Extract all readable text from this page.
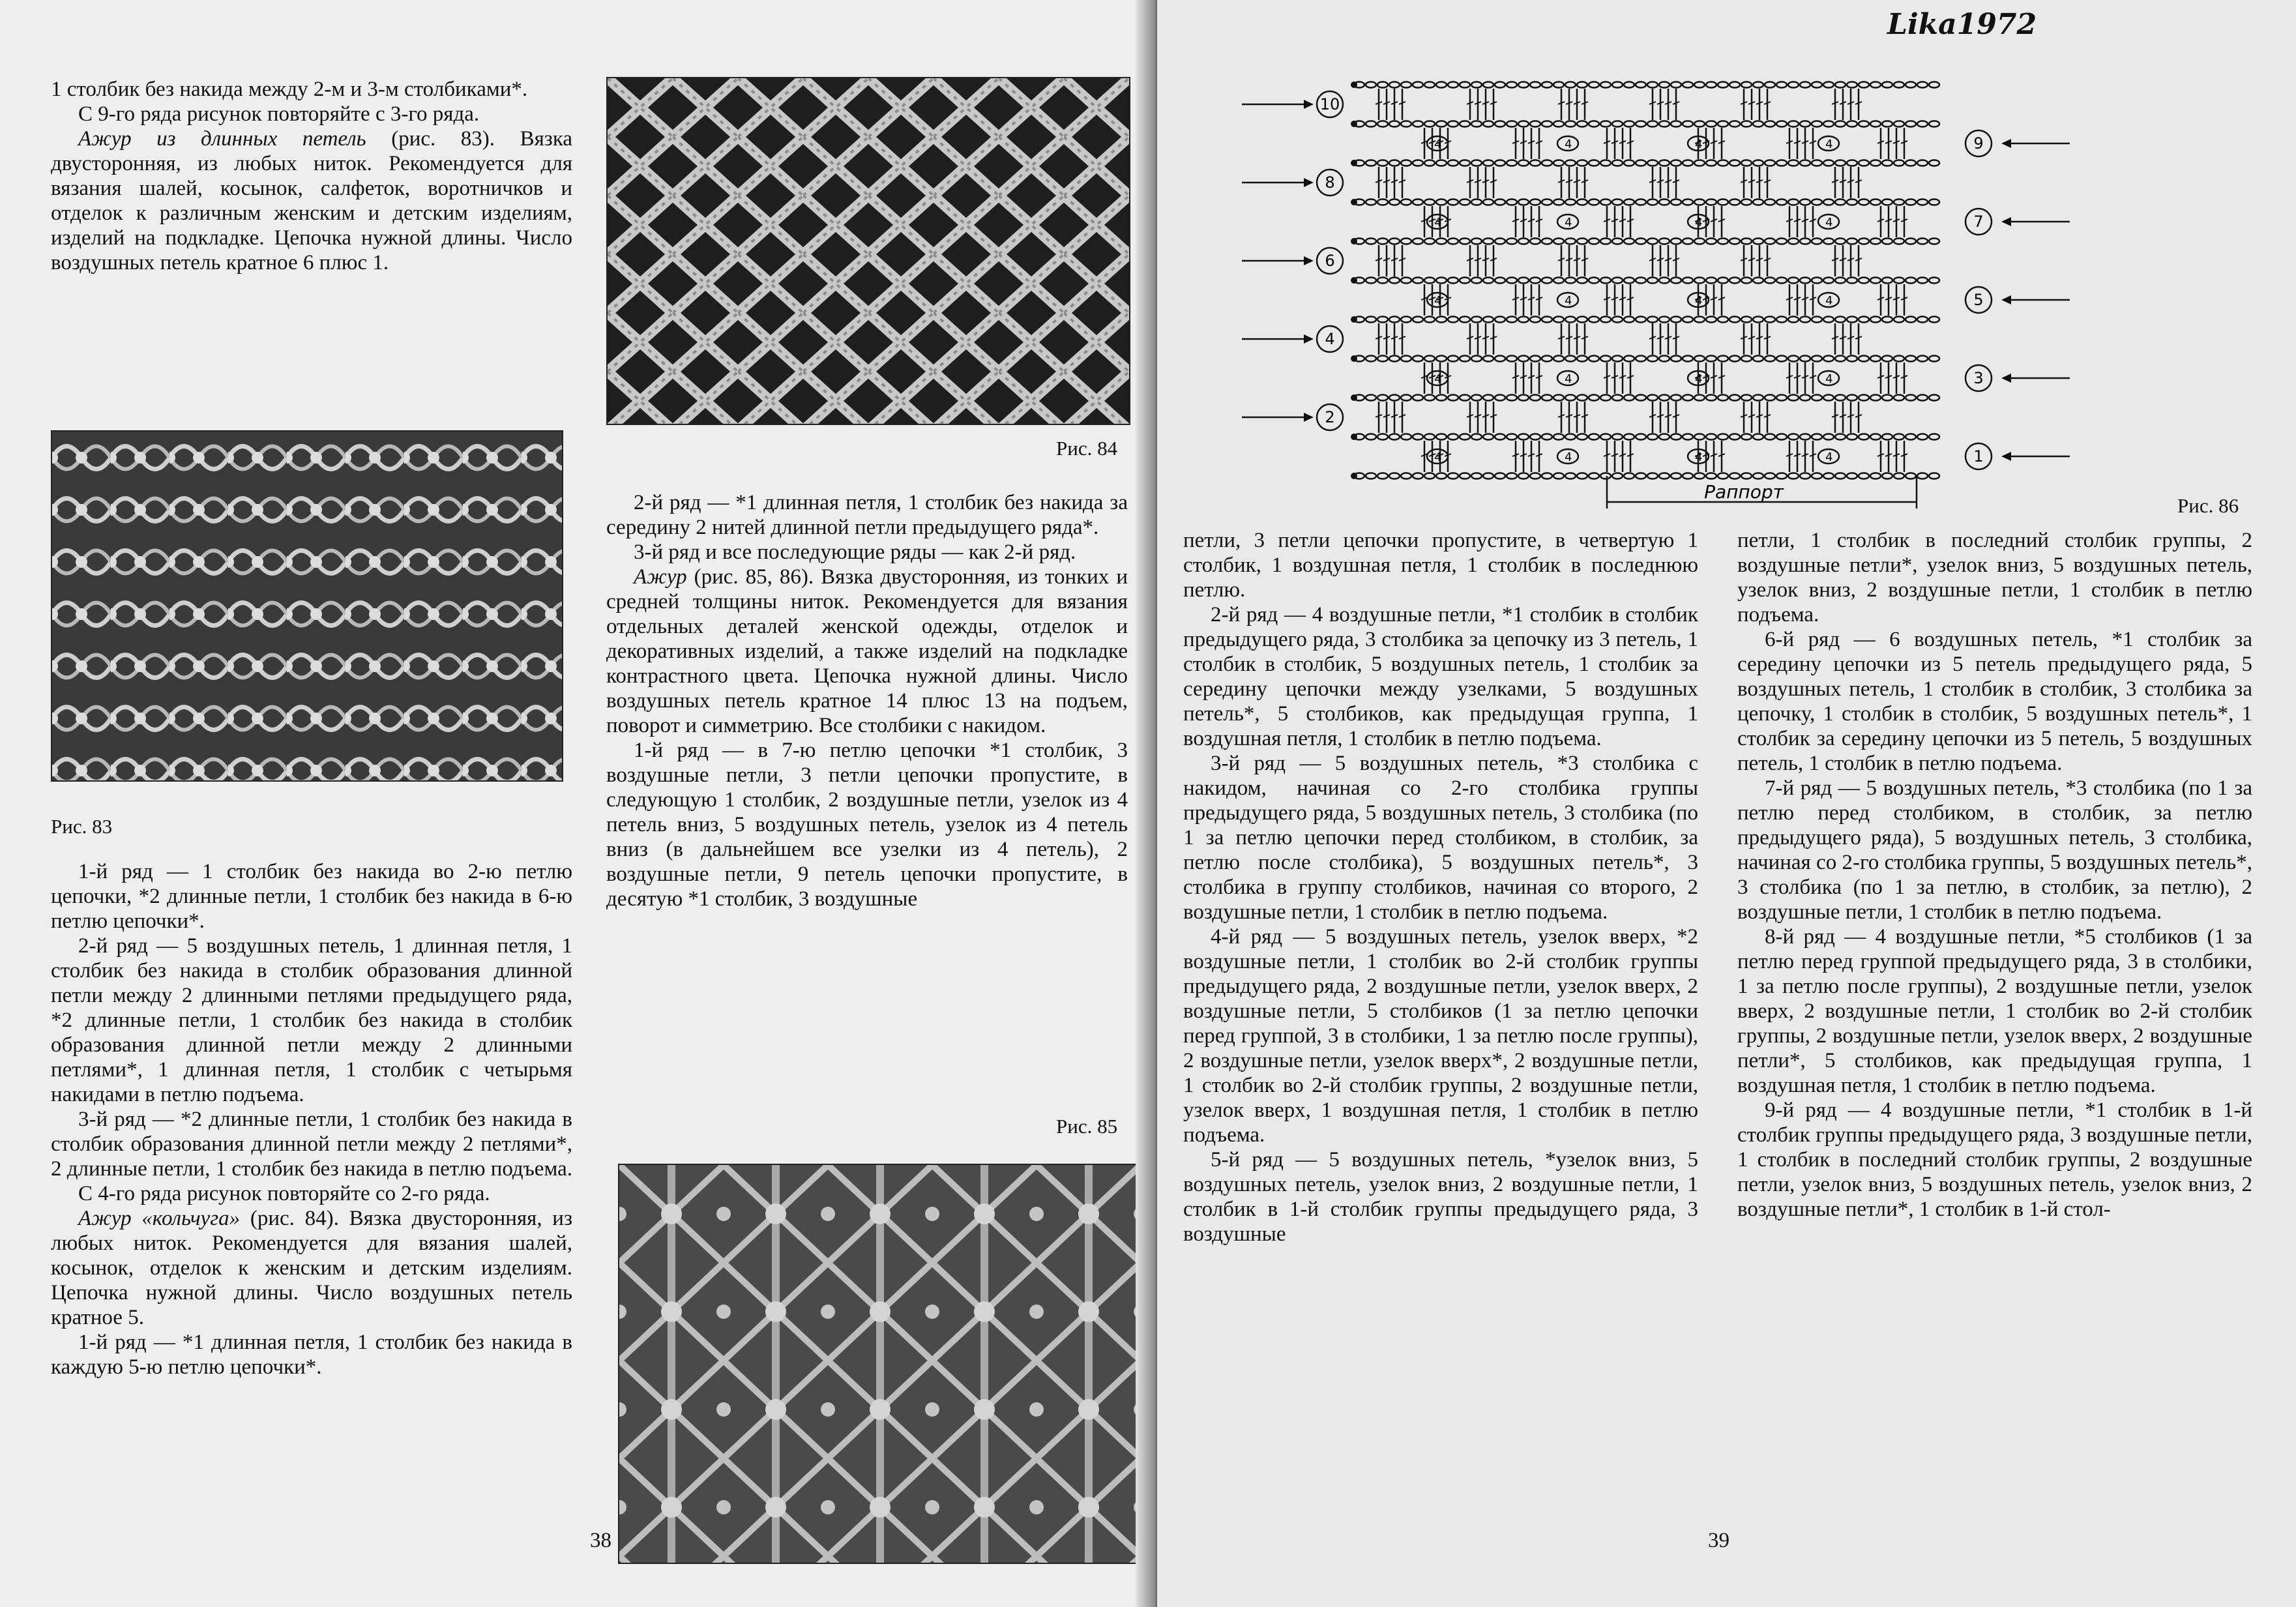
1 столбик без накида между 2-м и 3-м столбиками*.

С 9-го ряда рисунок повторяйте с 3-го ряда.

Ажур из длинных петель (рис. 83). Вязка двусторонняя, из любых ниток. Рекомендуется для вязания шалей, косынок, салфеток, воротничков и отделок к различным женским и детским изделиям, изделий на подкладке. Цепочка нужной длины. Число воздушных петель кратное 6 плюс 1.

Рис. 83

1-й ряд — 1 столбик без накида во 2-ю петлю цепочки, *2 длинные петли, 1 столбик без накида в 6-ю петлю цепочки*.

2-й ряд — 5 воздушных петель, 1 длинная петля, 1 столбик без накида в столбик образования длинной петли между 2 длинными петлями предыдущего ряда, *2 длинные петли, 1 столбик без накида в столбик образования длинной петли между 2 длинными петлями*, 1 длинная петля, 1 столбик с четырьмя накидами в петлю подъема.

3-й ряд — *2 длинные петли, 1 столбик без накида в столбик образования длинной петли между 2 петлями*, 2 длинные петли, 1 столбик без накида в петлю подъема.

С 4-го ряда рисунок повторяйте со 2-го ряда.

Ажур «кольчуга» (рис. 84). Вязка двусторонняя, из любых ниток. Рекомендуется для вязания шалей, косынок, отделок к женским и детским изделиям. Цепочка нужной длины. Число воздушных петель кратное 5.

1-й ряд — *1 длинная петля, 1 столбик без накида в каждую 5-ю петлю цепочки*.

Рис. 84

2-й ряд — *1 длинная петля, 1 столбик без накида за середину 2 нитей длинной петли предыдущего ряда*.

3-й ряд и все последующие ряды — как 2-й ряд.

Ажур (рис. 85, 86). Вязка двусторонняя, из тонких и средней толщины ниток. Рекомендуется для вязания отдельных деталей женской одежды, отделок и декоративных изделий, а также изделий на подкладке контрастного цвета. Цепочка нужной длины. Число воздушных петель кратное 14 плюс 13 на подъем, поворот и симметрию. Все столбики с накидом.

1-й ряд — в 7-ю петлю цепочки *1 столбик, 3 воздушные петли, 3 петли цепочки пропустите, в следующую 1 столбик, 2 воздушные петли, узелок из 4 петель вниз, 5 воздушных петель, узелок из 4 петель вниз (в дальнейшем все узелки из 4 петель), 2 воздушные петли, 9 петель цепочки пропустите, в десятую *1 столбик, 3 воздушные

Рис. 85
38
Lika1972
4	4	4	4
4	4	4	4
4	4	4	4
4	4	4	4
4	4	4	4
10
8
6
4
2
9
7
5
3
1
Раппорт
Рис. 86

петли, 3 петли цепочки пропустите, в четвертую 1 столбик, 1 воздушная петля, 1 столбик в последнюю петлю.

2-й ряд — 4 воздушные петли, *1 столбик в столбик предыдущего ряда, 3 столбика за цепочку из 3 петель, 1 столбик в столбик, 5 воздушных петель, 1 столбик за середину цепочки между узелками, 5 воздушных петель*, 5 столбиков, как предыдущая группа, 1 воздушная петля, 1 столбик в петлю подъема.

3-й ряд — 5 воздушных петель, *3 столбика с накидом, начиная со 2-го столбика группы предыдущего ряда, 5 воздушных петель, 3 столбика (по 1 за петлю цепочки перед столбиком, в столбик, за петлю после столбика), 5 воздушных петель*, 3 столбика в группу столбиков, начиная со второго, 2 воздушные петли, 1 столбик в петлю подъема.

4-й ряд — 5 воздушных петель, узелок вверх, *2 воздушные петли, 1 столбик во 2-й столбик группы предыдущего ряда, 2 воздушные петли, узелок вверх, 2 воздушные петли, 5 столбиков (1 за петлю цепочки перед группой, 3 в столбики, 1 за петлю после группы), 2 воздушные петли, узелок вверх*, 2 воздушные петли, 1 столбик во 2-й столбик группы, 2 воздушные петли, узелок вверх, 1 воздушная петля, 1 столбик в петлю подъема.

5-й ряд — 5 воздушных петель, *узелок вниз, 5 воздушных петель, узелок вниз, 2 воздушные петли, 1 столбик в 1-й столбик группы предыдущего ряда, 3 воздушные

петли, 1 столбик в последний столбик группы, 2 воздушные петли*, узелок вниз, 5 воздушных петель, узелок вниз, 2 воздушные петли, 1 столбик в петлю подъема.

6-й ряд — 6 воздушных петель, *1 столбик за середину цепочки из 5 петель предыдущего ряда, 5 воздушных петель, 1 столбик в столбик, 3 столбика за цепочку, 1 столбик в столбик, 5 воздушных петель*, 1 столбик за середину цепочки из 5 петель, 5 воздушных петель, 1 столбик в петлю подъема.

7-й ряд — 5 воздушных петель, *3 столбика (по 1 за петлю перед столбиком, в столбик, за петлю предыдущего ряда), 5 воздушных петель, 3 столбика, начиная со 2-го столбика группы, 5 воздушных петель*, 3 столбика (по 1 за петлю, в столбик, за петлю), 2 воздушные петли, 1 столбик в петлю подъема.

8-й ряд — 4 воздушные петли, *5 столбиков (1 за петлю перед группой предыдущего ряда, 3 в столбики, 1 за петлю после группы), 2 воздушные петли, узелок вверх, 2 воздушные петли, 1 столбик во 2-й столбик группы, 2 воздушные петли, узелок вверх, 2 воздушные петли*, 5 столбиков, как предыдущая группа, 1 воздушная петля, 1 столбик в петлю подъема.

9-й ряд — 4 воздушные петли, *1 столбик в 1-й столбик группы предыдущего ряда, 3 воздушные петли, 1 столбик в последний столбик группы, 2 воздушные петли, узелок вниз, 5 воздушных петель, узелок вниз, 2 воздушные петли*, 1 столбик в 1-й стол-

39
